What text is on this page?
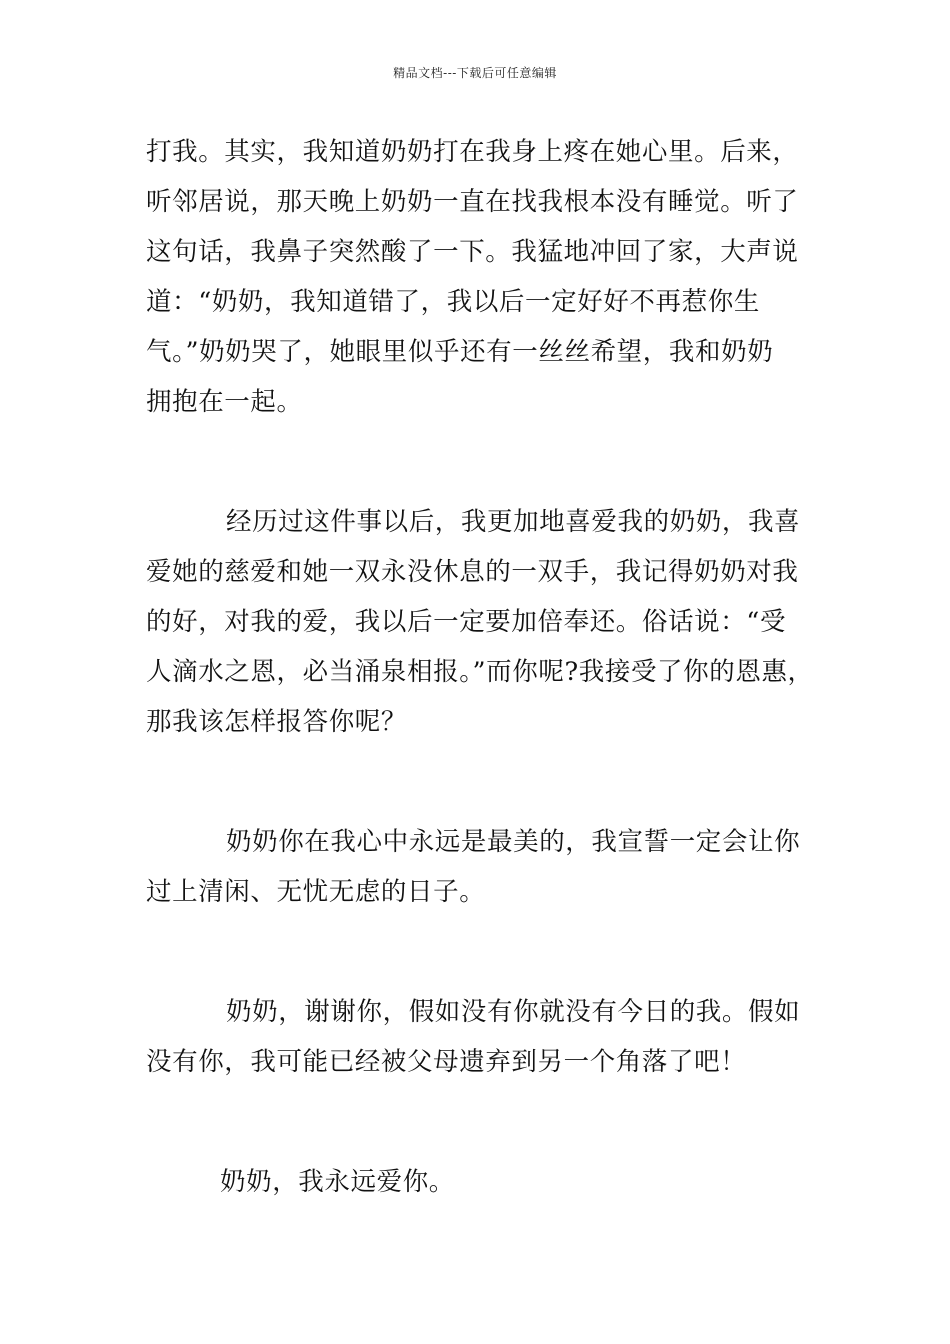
精品文档---下载后可任意编辑
打我。其实，我知道奶奶打在我身上疼在她心里。后来，
听邻居说，那天晚上奶奶一直在找我根本没有睡觉。听了
这句话，我鼻子突然酸了一下。我猛地冲回了家，大声说
道：“奶奶，我知道错了，我以后一定好好不再惹你生
气。”奶奶哭了，她眼里似乎还有一丝丝希望，我和奶奶
拥抱在一起。
经历过这件事以后，我更加地喜爱我的奶奶，我喜
爱她的慈爱和她一双永没休息的一双手，我记得奶奶对我
的好，对我的爱，我以后一定要加倍奉还。俗话说：“受
人滴水之恩，必当涌泉相报。”而你呢?我接受了你的恩惠，
那我该怎样报答你呢？
奶奶你在我心中永远是最美的，我宣誓一定会让你
过上清闲、无忧无虑的日子。
奶奶，谢谢你，假如没有你就没有今日的我。假如
没有你，我可能已经被父母遗弃到另一个角落了吧！
奶奶，我永远爱你。
